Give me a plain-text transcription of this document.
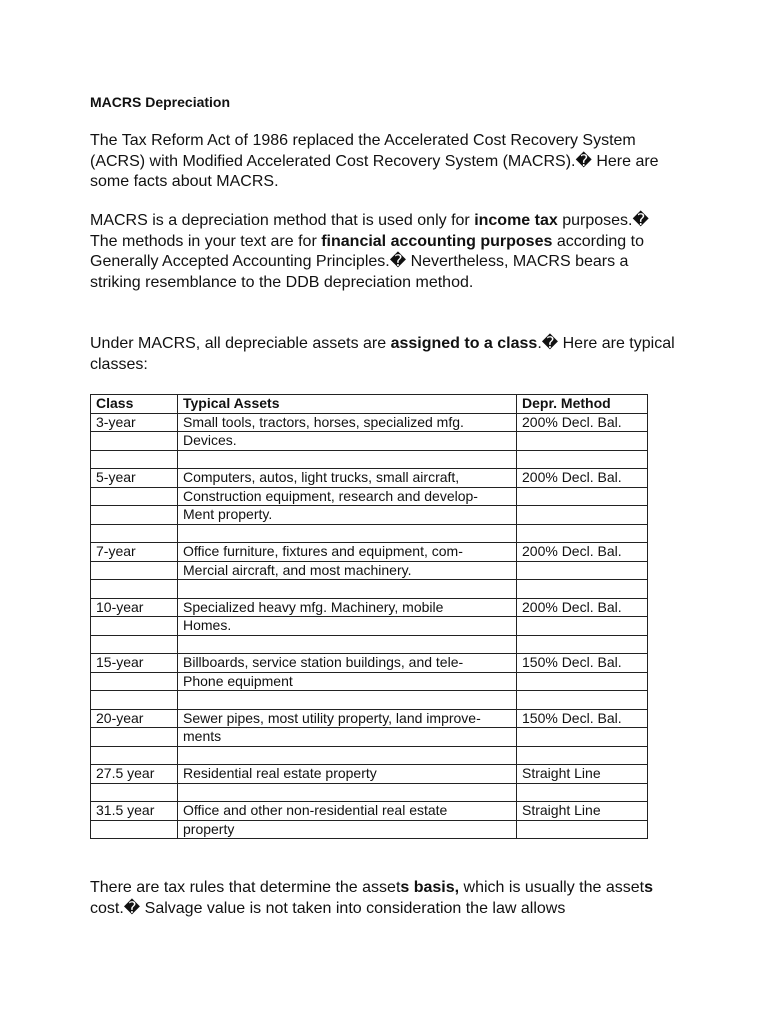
MACRS Depreciation
The Tax Reform Act of 1986 replaced the Accelerated Cost Recovery System (ACRS) with Modified Accelerated Cost Recovery System (MACRS).� Here are some facts about MACRS.
MACRS is a depreciation method that is used only for income tax purposes.� The methods in your text are for financial accounting purposes according to Generally Accepted Accounting Principles.� Nevertheless, MACRS bears a striking resemblance to the DDB depreciation method.
Under MACRS, all depreciable assets are assigned to a class.� Here are typical classes:
Class	Typical Assets	Depr. Method
3-year	Small tools, tractors, horses, specialized mfg.	200% Decl. Bal.
	Devices.	

5-year	Computers, autos, light trucks, small aircraft,	200% Decl. Bal.
	Construction equipment, research and develop-	
	Ment property.	

7-year	Office furniture, fixtures and equipment, com-	200% Decl. Bal.
	Mercial aircraft, and most machinery.	

10-year	Specialized heavy mfg. Machinery, mobile	200% Decl. Bal.
	Homes.	

15-year	Billboards, service station buildings, and tele-	150% Decl. Bal.
	Phone equipment	

20-year	Sewer pipes, most utility property, land improve-	150% Decl. Bal.
	ments	

27.5 year	Residential real estate property	Straight Line

31.5 year	Office and other non-residential real estate	Straight Line
	property	
There are tax rules that determine the assets basis, which is usually the assets cost.� Salvage value is not taken into consideration the law allows
